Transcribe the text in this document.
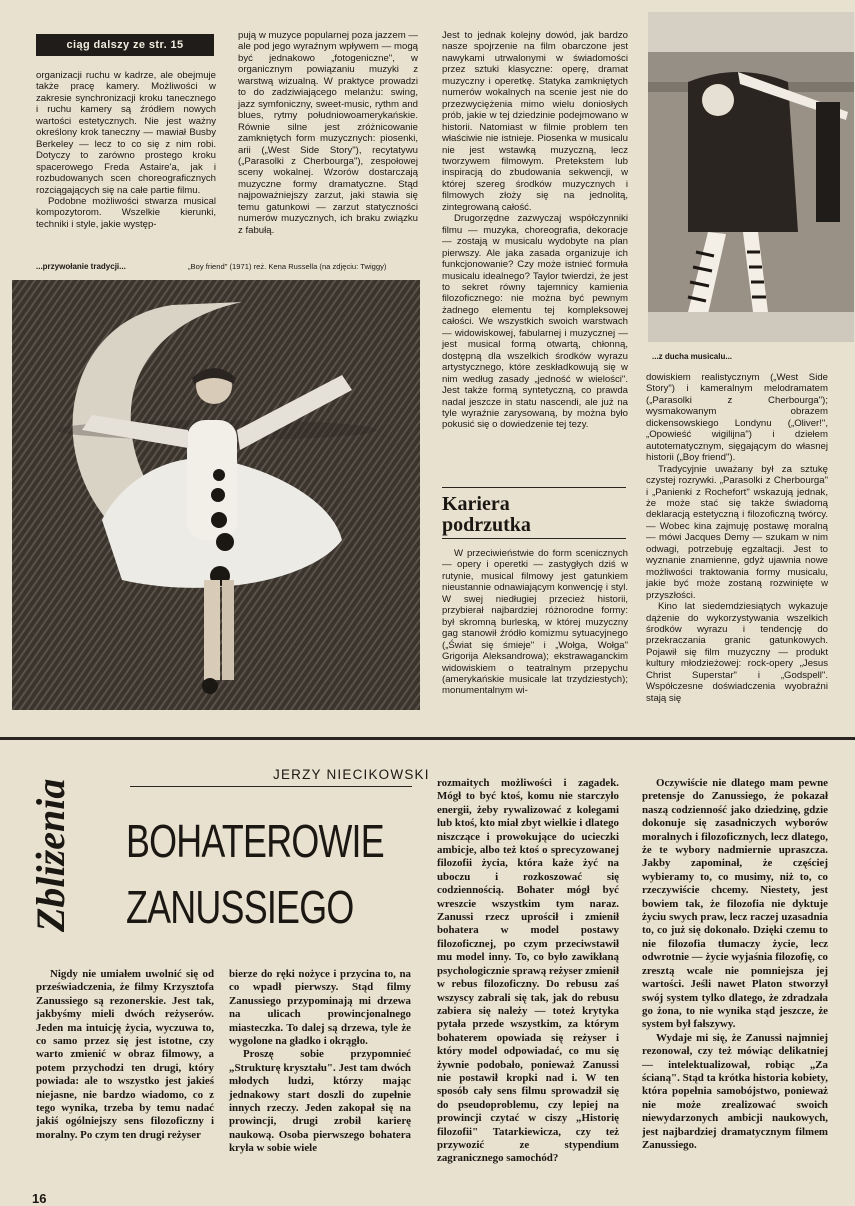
ciąg dalszy ze str. 15

organizacji ruchu w kadrze, ale obejmuje także pracę kamery. Możliwości w zakresie synchronizacji kroku tanecznego i ruchu kamery są źródłem nowych wartości estetycznych. Nie jest ważny określony krok taneczny — mawiał Busby Berkeley — lecz to co się z nim robi. Dotyczy to zarówno prostego kroku spacerowego Freda Astaire'a, jak i rozbudowanych scen choreograficznych rozciągających się na całe partie filmu.

Podobne możliwości stwarza musical kompozytorom. Wszelkie kierunki, techniki i style, jakie występ-

pują w muzyce popularnej poza jazzem — ale pod jego wyraźnym wpływem — mogą być jednakowo „fotogeniczne", w organicznym powiązaniu muzyki z warstwą wizualną. W praktyce prowadzi to do zadziwiającego melanżu: swing, jazz symfoniczny, sweet-music, rythm and blues, rytmy południowoamerykańskie. Równie silne jest zróżnicowanie zamkniętych form muzycznych: piosenki, arii („West Side Story"), recytatywu („Parasolki z Cherbourga"), zespołowej sceny wokalnej. Wzorów dostarczają muzyczne formy dramatyczne. Stąd najpoważniejszy zarzut, jaki stawia się temu gatunkowi — zarzut statyczności numerów muzycznych, ich braku związku z fabułą.

...przywołanie tradycji...	„Boy friend" (1971) reż. Kena Russella (na zdjęciu: Twiggy)

Jest to jednak kolejny dowód, jak bardzo nasze spojrzenie na film obarczone jest nawykami utrwalonymi w świadomości przez sztuki klasyczne: operę, dramat muzyczny i operetkę. Statyka zamkniętych numerów wokalnych na scenie jest nie do przezwyciężenia mimo wielu doniosłych prób, jakie w tej dziedzinie podejmowano w historii. Natomiast w filmie problem ten właściwie nie istnieje. Piosenka w musicalu nie jest wstawką muzyczną, lecz tworzywem filmowym. Pretekstem lub inspiracją do zbudowania sekwencji, w której szereg środków muzycznych i filmowych złoży się na jednolitą, zintegrowaną całość.

Drugorzędne zazwyczaj współczynniki filmu — muzyka, choreografia, dekoracje — zostają w musicalu wydobyte na plan pierwszy. Ale jaka zasada organizuje ich funkcjonowanie? Czy może istnieć formuła musicalu idealnego? Taylor twierdzi, że jest to sekret równy tajemnicy kamienia filozoficznego: nie można być pewnym żadnego elementu tej kompleksowej całości. We wszystkich swoich warstwach — widowiskowej, fabularnej i muzycznej — jest musical formą otwartą, chłonną, dostępną dla wszelkich środków wyrazu artystycznego, które zeskładkowują się w nim według zasady „jedność w wielości". Jest także formą syntetyczną, co prawda nadal jeszcze in statu nascendi, ale już na tyle wyraźnie zarysowaną, by można było pokusić się o dowiedzenie tej tezy.

Kariera podrzutka

W przeciwieństwie do form scenicznych — opery i operetki — zastygłych dziś w rutynie, musical filmowy jest gatunkiem nieustannie odnawiającym konwencję i styl. W swej niedługiej przecież historii, przybierał najbardziej różnorodne formy: był skromną burleską, w której muzyczny gag stanowił źródło komizmu sytuacyjnego („Świat się śmieje" i „Wołga, Wołga" Grigorija Aleksandrowa); ekstrawaganckim widowiskiem o teatralnym przepychu (amerykańskie musicale lat trzydziestych); monumentalnym wi-

...z ducha musicalu...

dowiskiem realistycznym („West Side Story") i kameralnym melodramatem („Parasolki z Cherbourga"); wysmakowanym obrazem dickensowskiego Londynu („Oliver!", „Opowieść wigilijna") i dziełem autotematycznym, sięgającym do własnej historii („Boy friend").

Tradycyjnie uważany był za sztukę czystej rozrywki. „Parasolki z Cherbourga" i „Panienki z Rochefort" wskazują jednak, że może stać się także świadomą deklaracją estetyczną i filozoficzną twórcy. — Wobec kina zajmuję postawę moralną — mówi Jacques Demy — szukam w nim odwagi, potrzebuję egzaltacji. Jest to wyznanie znamienne, gdyż ujawnia nowe możliwości traktowania formy musicalu, jakie być może zostaną rozwinięte w przyszłości.

Kino lat siedemdziesiątych wykazuje dążenie do wykorzystywania wszelkich środków wyrazu i tendencję do przekraczania granic gatunkowych. Pojawił się film muzyczny — produkt kultury młodzieżowej: rock-opery „Jesus Christ Superstar" i „Godspell". Współczesne doświadczenia wyobraźni stają się

Zbliżenia
JERZY NIECIKOWSKI
BOHATEROWIE
ZANUSSIEGO

Nigdy nie umiałem uwolnić się od przeświadczenia, że filmy Krzysztofa Zanussiego są rezonerskie. Jest tak, jakbyśmy mieli dwóch reżyserów. Jeden ma intuicję życia, wyczuwa to, co samo przez się jest istotne, czy warto zmienić w obraz filmowy, a potem przychodzi ten drugi, który powiada: ale to wszystko jest jakieś niejasne, nie bardzo wiadomo, co z tego wynika, trzeba by temu nadać jakiś ogólniejszy sens filozoficzny i moralny. Po czym ten drugi reżyser

bierze do ręki nożyce i przycina to, na co wpadł pierwszy. Stąd filmy Zanussiego przypominają mi drzewa na ulicach prowincjonalnego miasteczka. To dalej są drzewa, tyle że wygolone na gładko i okrągło.

Proszę sobie przypomnieć „Strukturę kryształu". Jest tam dwóch młodych ludzi, którzy mając jednakowy start doszli do zupełnie innych rzeczy. Jeden zakopał się na prowincji, drugi zrobił karierę naukową. Osoba pierwszego bohatera kryła w sobie wiele

rozmaitych możliwości i zagadek. Mógł to być ktoś, komu nie starczyło energii, żeby rywalizować z kolegami lub ktoś, kto miał zbyt wielkie i dlatego niszczące i prowokujące do ucieczki ambicje, albo też ktoś o sprecyzowanej filozofii życia, która każe żyć na uboczu i rozkoszować się codziennością. Bohater mógł być wreszcie wszystkim tym naraz. Zanussi rzecz uprościł i zmienił bohatera w model postawy filozoficznej, po czym przeciwstawił mu model inny. To, co było zawikłaną psychologicznie sprawą reżyser zmienił w rebus filozoficzny. Do rebusu zaś wszyscy zabrali się tak, jak do rebusu zabiera się należy — toteż krytyka pytała przede wszystkim, za którym bohaterem opowiada się reżyser i który model odpowiadać, co mu się żywnie podobało, ponieważ Zanussi nie postawił kropki nad i. W ten sposób cały sens filmu sprowadził się do pseudoproblemu, czy lepiej na prowincji czytać w ciszy „Historię filozofii" Tatarkiewicza, czy też przywozić ze stypendium zagranicznego samochód?

Oczywiście nie dlatego mam pewne pretensje do Zanussiego, że pokazał naszą codzienność jako dziedzinę, gdzie dokonuje się zasadniczych wyborów moralnych i filozoficznych, lecz dlatego, że te wybory nadmiernie upraszcza. Jakby zapominał, że częściej wybieramy to, co musimy, niż to, co rzeczywiście chcemy. Niestety, jest bowiem tak, że filozofia nie dyktuje życiu swych praw, lecz raczej uzasadnia to, co już się dokonało. Dzięki czemu to nie filozofia tłumaczy życie, lecz odwrotnie — życie wyjaśnia filozofię, co zresztą wcale nie pomniejsza jej wartości. Jeśli nawet Platon stworzył swój system tylko dlatego, że zdradzała go żona, to nie wynika stąd jeszcze, że system był fałszywy.

Wydaje mi się, że Zanussi najmniej rezonował, czy też mówiąc delikatniej — intelektualizował, robiąc „Za ścianą". Stąd ta krótka historia kobiety, która popełnia samobójstwo, ponieważ nie może zrealizować swoich niewydarzonych ambicji naukowych, jest najbardziej dramatycznym filmem Zanussiego.

16
